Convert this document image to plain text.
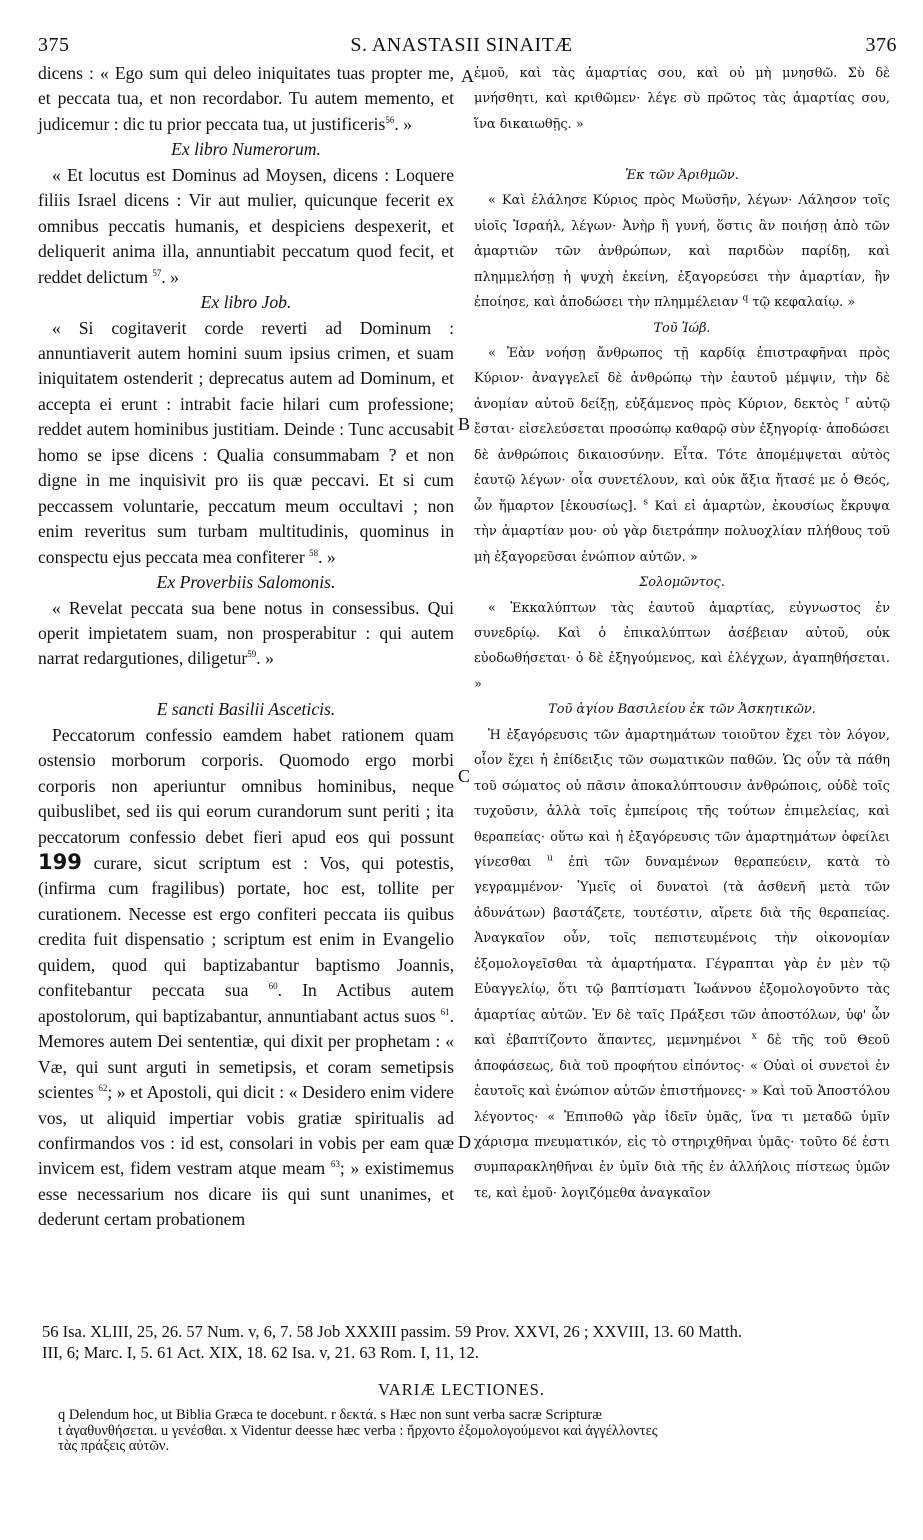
375	S. ANASTASII SINAITÆ	376
A
B
C
D

dicens : « Ego sum qui deleo iniquitates tuas propter me, et peccata tua, et non recordabor. Tu autem memento, et judicemur : dic tu prior peccata tua, ut justificeris$^{56}$. »

Ex libro Numerorum.

« Et locutus est Dominus ad Moysen, dicens : Loquere filiis Israel dicens : Vir aut mulier, quicunque fecerit ex omnibus peccatis humanis, et despiciens despexerit, et deliquerit anima illa, annuntiabit peccatum quod fecit, et reddet delictum $^{57}$. »

Ex libro Job.

« Si cogitaverit corde reverti ad Dominum : annuntiaverit autem homini suum ipsius crimen, et suam iniquitatem ostenderit ; deprecatus autem ad Dominum, et accepta ei erunt : intrabit facie hilari cum professione; reddet autem hominibus justitiam. Deinde : Tunc accusabit homo se ipse dicens : Qualia consummabam ? et non digne in me inquisivit pro iis quæ peccavi. Et si cum peccassem voluntarie, peccatum meum occultavi ; non enim reveritus sum turbam multitudinis, quominus in conspectu ejus peccata mea confiterer $^{58}$. »

Ex Proverbiis Salomonis.

« Revelat peccata sua bene notus in consessibus. Qui operit impietatem suam, non prosperabitur : qui autem narrat redargutiones, diligetur$^{59}$. »

E sancti Basilii Asceticis.

Peccatorum confessio eamdem habet rationem quam ostensio morborum corporis. Quomodo ergo morbi corporis non aperiuntur omnibus hominibus, neque quibuslibet, sed iis qui eorum curandorum sunt periti ; ita peccatorum confessio debet fieri apud eos qui possunt 199 curare, sicut scriptum est : Vos, qui potestis, (infirma cum fragilibus) portate, hoc est, tollite per curationem. Necesse est ergo confiteri peccata iis quibus credita fuit dispensatio ; scriptum est enim in Evangelio quidem, quod qui baptizabantur baptismo Joannis, confitebantur peccata sua $^{60}$. In Actibus autem apostolorum, qui baptizabantur, annuntiabant actus suos $^{61}$. Memores autem Dei sententiæ, qui dixit per prophetam : « Væ, qui sunt arguti in semetipsis, et coram semetipsis scientes $^{62}$; » et Apostoli, qui dicit : « Desidero enim videre vos, ut aliquid impertiar vobis gratiæ spiritualis ad confirmandos vos : id est, consolari in vobis per eam quæ invicem est, fidem vestram atque meam $^{63}$; » existimemus esse necessarium nos dicare iis qui sunt unanimes, et dederunt certam probationem

ἐμοῦ, καὶ τὰς ἁμαρτίας σου, καὶ οὐ μὴ μνησθῶ. Σὺ δὲ μνήσθητι, καὶ κριθῶμεν· λέγε σὺ πρῶτος τὰς ἁμαρτίας σου, ἵνα δικαιωθῇς. »

Ἐκ τῶν Ἀριθμῶν.

« Καὶ ἐλάλησε Κύριος πρὸς Μωϋσῆν, λέγων· Λάλησον τοῖς υἱοῖς Ἰσραήλ, λέγων· Ἀνὴρ ἢ γυνή, ὅστις ἂν ποιήσῃ ἀπὸ τῶν ἁμαρτιῶν τῶν ἀνθρώπων, καὶ παριδὼν παρίδῃ, καὶ πλημμελήσῃ ἡ ψυχὴ ἐκείνη, ἐξαγορεύσει τὴν ἁμαρτίαν, ἣν ἐποίησε, καὶ ἀποδώσει τὴν πλημμέλειαν $^q$ τῷ κεφαλαίῳ. »

Τοῦ Ἰώβ.

« Ἐὰν νοήσῃ ἄνθρωπος τῇ καρδίᾳ ἐπιστραφῆναι πρὸς Κύριον· ἀναγγελεῖ δὲ ἀνθρώπῳ τὴν ἑαυτοῦ μέμψιν, τὴν δὲ ἀνομίαν αὐτοῦ δείξῃ, εὐξάμενος πρὸς Κύριον, δεκτὸς $^r$ αὐτῷ ἔσται· εἰσελεύσεται προσώπῳ καθαρῷ σὺν ἐξηγορίᾳ· ἀποδώσει δὲ ἀνθρώποις δικαιοσύνην. Εἶτα. Τότε ἀπομέμψεται αὐτὸς ἑαυτῷ λέγων· οἷα συνετέλουν, καὶ οὐκ ἄξια ἤτασέ με ὁ Θεός, ὧν ἥμαρτον [ἑκουσίως]. $^s$ Καὶ εἰ ἁμαρτὼν, ἑκουσίως ἔκρυψα τὴν ἁμαρτίαν μου· οὐ γὰρ διετράπην πολυοχλίαν πλήθους τοῦ μὴ ἐξαγορεῦσαι ἐνώπιον αὐτῶν. »

Σολομῶντος.

« Ἐκκαλύπτων τὰς ἑαυτοῦ ἁμαρτίας, εὐγνωστος ἐν συνεδρίῳ. Καὶ ὁ ἐπικαλύπτων ἀσέβειαν αὐτοῦ, οὐκ εὐοδωθήσεται· ὁ δὲ ἐξηγούμενος, καὶ ἐλέγχων, ἀγαπηθήσεται. »

Τοῦ ἁγίου Βασιλείου ἐκ τῶν Ἀσκητικῶν.

Ἡ ἐξαγόρευσις τῶν ἁμαρτημάτων τοιοῦτον ἔχει τὸν λόγον, οἷον ἔχει ἡ ἐπίδειξις τῶν σωματικῶν παθῶν. Ὡς οὖν τὰ πάθη τοῦ σώματος οὐ πᾶσιν ἀποκαλύπτουσιν ἀνθρώποις, οὐδὲ τοῖς τυχοῦσιν, ἀλλὰ τοῖς ἐμπείροις τῆς τούτων ἐπιμελείας, καὶ θεραπείας· οὕτω καὶ ἡ ἐξαγόρευσις τῶν ἁμαρτημάτων ὀφείλει γίνεσθαι $^u$ ἐπὶ τῶν δυναμένων θεραπεύειν, κατὰ τὸ γεγραμμένον· Ὑμεῖς οἱ δυνατοὶ (τὰ ἀσθενῆ μετὰ τῶν ἀδυνάτων) βαστάζετε, τουτέστιν, αἴρετε διὰ τῆς θεραπείας. Ἀναγκαῖον οὖν, τοῖς πεπιστευμένοις τὴν οἰκονομίαν ἐξομολογεῖσθαι τὰ ἁμαρτήματα. Γέγραπται γὰρ ἐν μὲν τῷ Εὐαγγελίῳ, ὅτι τῷ βαπτίσματι Ἰωάννου ἐξομολογοῦντο τὰς ἁμαρτίας αὐτῶν. Ἐν δὲ ταῖς Πράξεσι τῶν ἀποστόλων, ὑφ' ὧν καὶ ἐβαπτίζοντο ἅπαντες, μεμνημένοι $^x$ δὲ τῆς τοῦ Θεοῦ ἀποφάσεως, διὰ τοῦ προφήτου εἰπόντος· « Οὐαὶ οἱ συνετοὶ ἐν ἑαυτοῖς καὶ ἐνώπιον αὐτῶν ἐπιστήμονες· » Καὶ τοῦ Ἀποστόλου λέγοντος· « Ἐπιποθῶ γὰρ ἰδεῖν ὑμᾶς, ἵνα τι μεταδῶ ὑμῖν χάρισμα πνευματικόν, εἰς τὸ στηριχθῆναι ὑμᾶς· τοῦτο δέ ἐστι συμπαρακληθῆναι ἐν ὑμῖν διὰ τῆς ἐν ἀλλήλοις πίστεως ὑμῶν τε, καὶ ἐμοῦ· λογιζόμεθα ἀναγκαῖον

56 Isa. XLIII, 25, 26. 57 Num. v, 6, 7. 58 Job XXXIII passim. 59 Prov. XXVI, 26 ; XXVIII, 13. 60 Matth.

III, 6; Marc. I, 5. 61 Act. XIX, 18. 62 Isa. v, 21. 63 Rom. I, 11, 12.

VARIÆ LECTIONES.

q Delendum hoc, ut Biblia Græca te docebunt. r δεκτά. s Hæc non sunt verba sacræ Scripturæ

t ἀγαθυνθήσεται. u γενέσθαι. x Videntur deesse hæc verba : ἤρχοντο ἐξομολογούμενοι καὶ ἀγγέλλοντες

τὰς πράξεις αὐτῶν.
